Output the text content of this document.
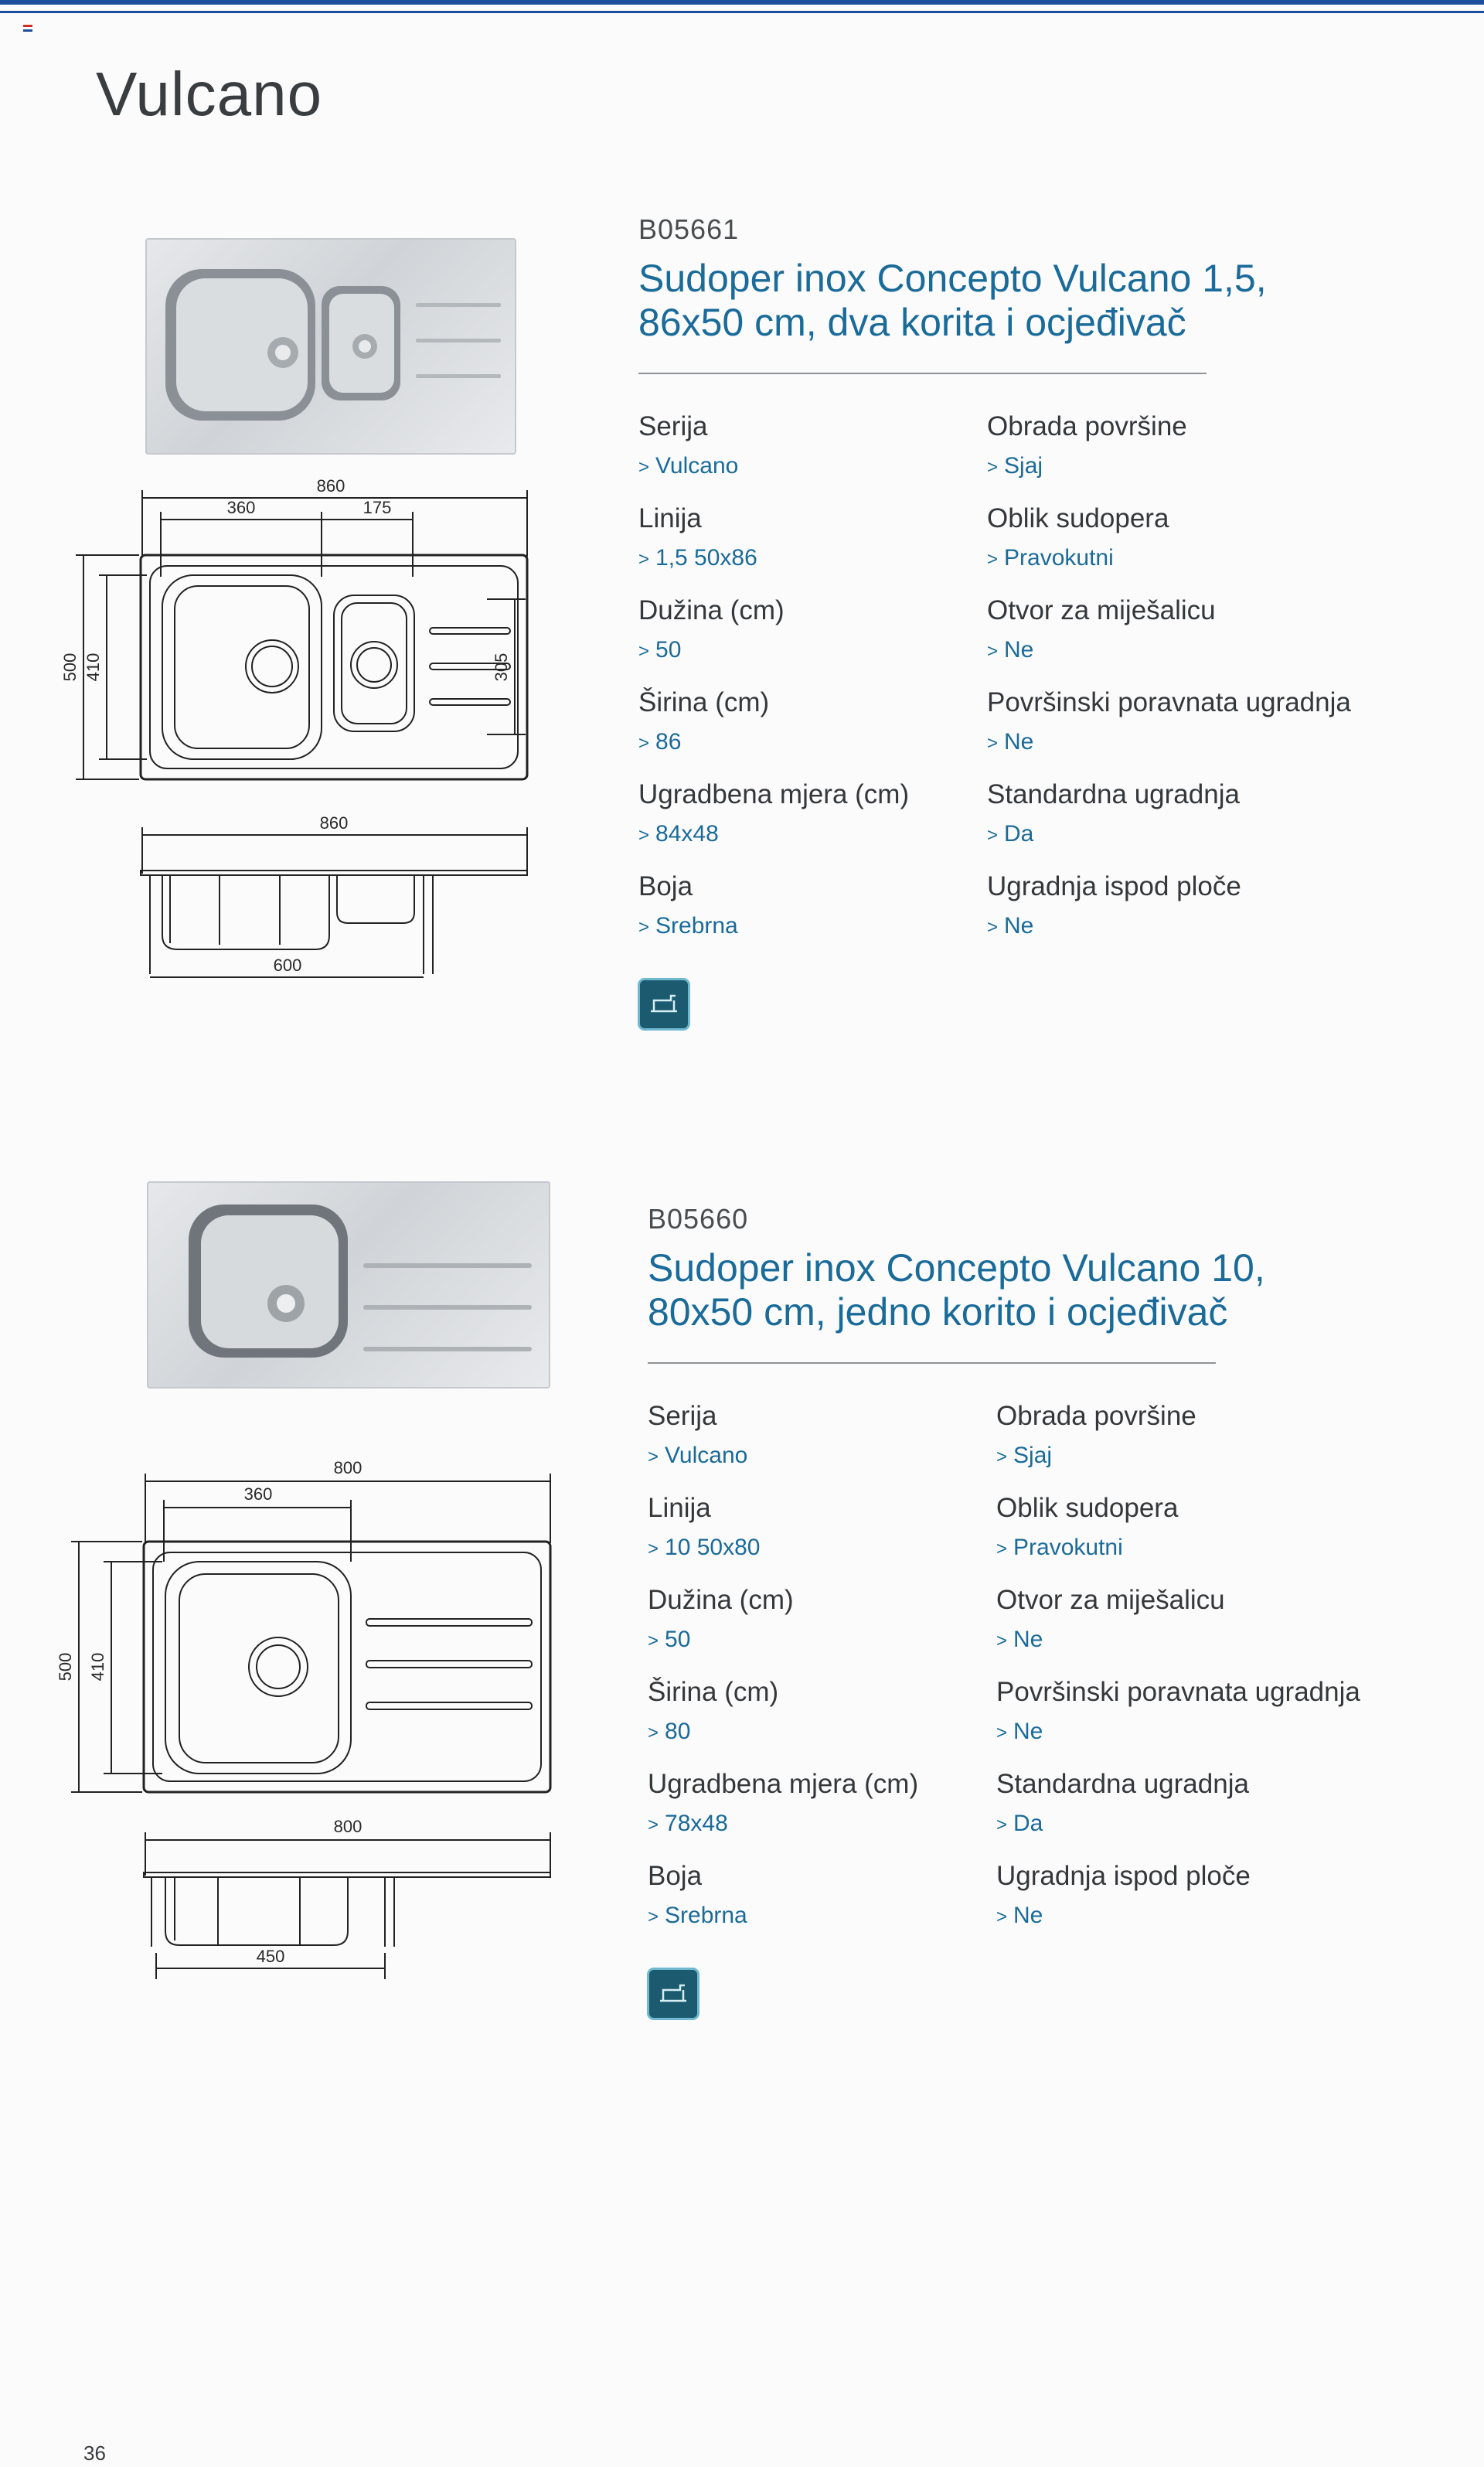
Vulcano
860
360	175
500 410	305
860
600
B05661
Sudoper inox Concepto Vulcano 1,5,
86x50 cm, dva korita i ocjeđivač
Serija
> Vulcano
Linija
> 1,5 50x86
Dužina (cm)
> 50
Širina (cm)
> 86
Ugradbena mjera (cm)
> 84x48
Boja
> Srebrna
Obrada površine
> Sjaj
Oblik sudopera
> Pravokutni
Otvor za miješalicu
> Ne
Površinski poravnata ugradnja
> Ne
Standardna ugradnja
> Da
Ugradnja ispod ploče
> Ne
800
360
500 410
800
450
B05660
Sudoper inox Concepto Vulcano 10,
80x50 cm, jedno korito i ocjeđivač
Serija
> Vulcano
Linija
> 10 50x80
Dužina (cm)
> 50
Širina (cm)
> 80
Ugradbena mjera (cm)
> 78x48
Boja
> Srebrna
Obrada površine
> Sjaj
Oblik sudopera
> Pravokutni
Otvor za miješalicu
> Ne
Površinski poravnata ugradnja
> Ne
Standardna ugradnja
> Da
Ugradnja ispod ploče
> Ne
36
